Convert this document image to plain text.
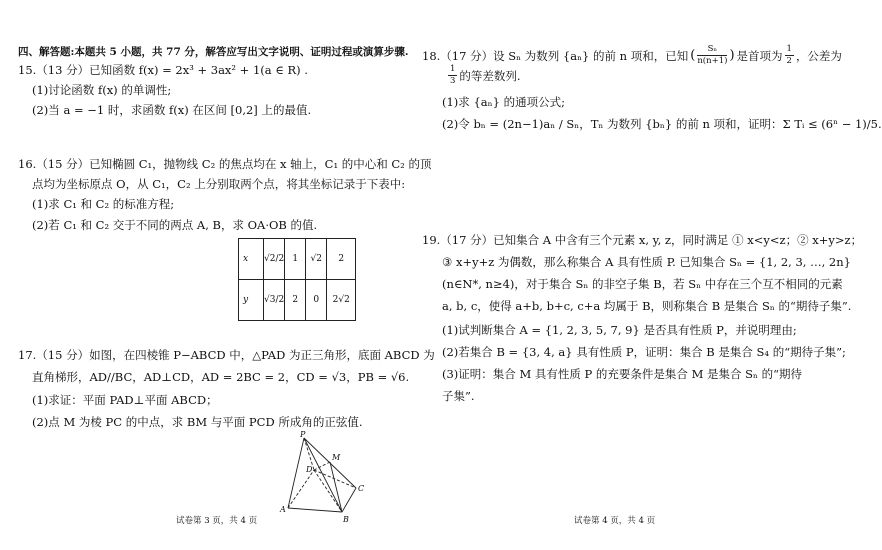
四、解答题:本题共 5 小题，共 77 分，解答应写出文字说明、证明过程或演算步骤.
15.（13 分）已知函数 f(x) = 2x³ + 3ax² + 1(a ∈ R) .
(1)讨论函数 f(x) 的单调性;
(2)当 a = −1 时，求函数 f(x) 在区间 [0,2] 上的最值.
16.（15 分）已知椭圆 C₁，抛物线 C₂ 的焦点均在 x 轴上，C₁ 的中心和 C₂ 的顶
点均为坐标原点 O，从 C₁，C₂ 上分别取两个点，将其坐标记录于下表中:
(1)求 C₁ 和 C₂ 的标准方程;
(2)若 C₁ 和 C₂ 交于不同的两点 A, B，求 OA·OB 的值.
x	√2/2	1	√2	2
y	√3/2	2	0	2√2
17.（15 分）如图，在四棱锥 P−ABCD 中，△PAD 为正三角形，底面 ABCD 为
直角梯形，AD//BC，AD⊥CD，AD = 2BC = 2，CD = √3，PB = √6.
(1)求证：平面 PAD⊥平面 ABCD；
(2)点 M 为棱 PC 的中点，求 BM 与平面 PCD 所成角的正弦值.
P
M
D
C
A
B
试卷第 3 页，共 4 页
18.（17 分）设 Sₙ 为数列 {aₙ} 的前 n 项和，已知 ( $\frac{\text{Sₙ}}{n(n+1)}$ ) 是首项为 $\frac{1}{2}$ ，公差为
$\frac{1}{3}$ 的等差数列.
(1)求 {aₙ} 的通项公式;
(2)令 bₙ = (2n−1)aₙ / Sₙ，Tₙ 为数列 {bₙ} 的前 n 项和，证明：Σ Tᵢ ≤ (6ⁿ − 1)/5.
19.（17 分）已知集合 A 中含有三个元素 x, y, z，同时满足 ① x<y<z；② x+y>z；
③ x+y+z 为偶数，那么称集合 A 具有性质 P. 已知集合 Sₙ = {1, 2, 3, …, 2n}
(n∈N*, n≥4)，对于集合 Sₙ 的非空子集 B，若 Sₙ 中存在三个互不相同的元素
a, b, c，使得 a+b, b+c, c+a 均属于 B，则称集合 B 是集合 Sₙ 的“期待子集”.
(1)试判断集合 A = {1, 2, 3, 5, 7, 9} 是否具有性质 P，并说明理由;
(2)若集合 B = {3, 4, a} 具有性质 P，证明：集合 B 是集合 S₄ 的“期待子集”;
(3)证明：集合 M 具有性质 P 的充要条件是集合 M 是集合 Sₙ 的“期待
子集”.
试卷第 4 页，共 4 页
